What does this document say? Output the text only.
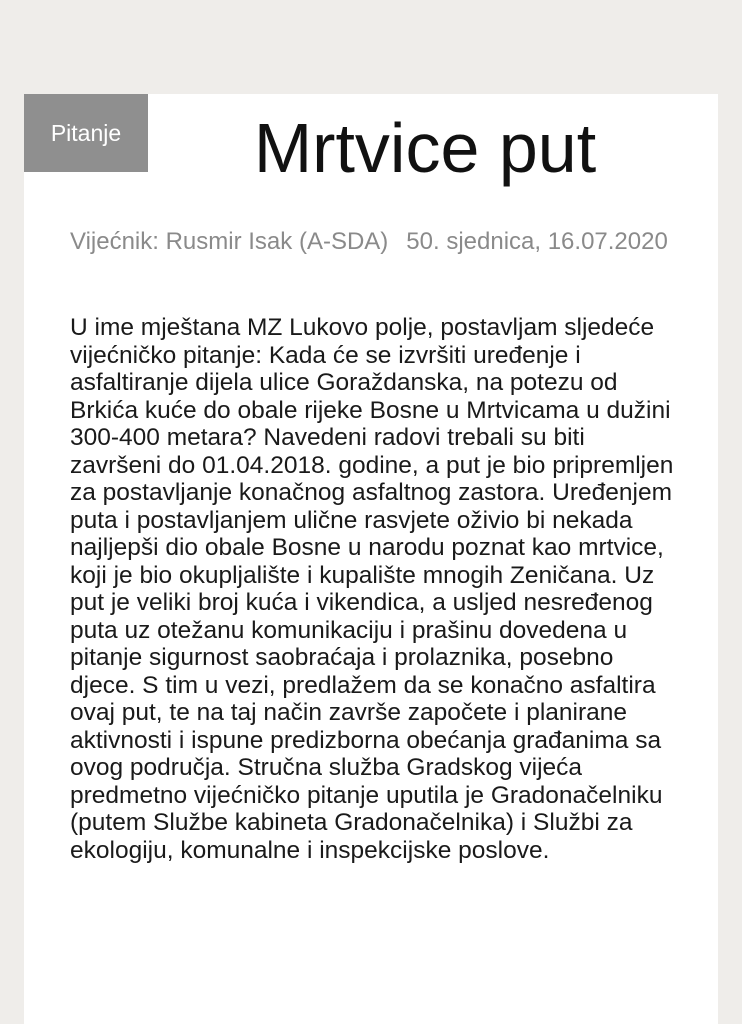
Pitanje	Mrtvice put
Vijećnik: Rusmir Isak (A-SDA) 50. sjednica, 16.07.2020

U ime mještana MZ Lukovo polje, postavljam sljedeće vijećničko pitanje: Kada će se izvršiti uređenje i asfaltiranje dijela ulice Goraždanska, na potezu od Brkića kuće do obale rijeke Bosne u Mrtvicama u dužini 300-400 metara? Navedeni radovi trebali su biti završeni do 01.04.2018. godine, a put je bio pripremljen za postavljanje konačnog asfaltnog zastora. Uređenjem puta i postavljanjem ulične rasvjete oživio bi nekada najljepši dio obale Bosne u narodu poznat kao mrtvice, koji je bio okupljalište i kupalište mnogih Zeničana. Uz put je veliki broj kuća i vikendica, a usljed nesređenog puta uz otežanu komunikaciju i prašinu dovedena u pitanje sigurnost saobraćaja i prolaznika, posebno djece. S tim u vezi, predlažem da se konačno asfaltira ovaj put, te na taj način završe započete i planirane aktivnosti i ispune predizborna obećanja građanima sa ovog područja. Stručna služba Gradskog vijeća predmetno vijećničko pitanje uputila je Gradonačelniku (putem Službe kabineta Gradonačelnika) i Službi za ekologiju, komunalne i inspekcijske poslove.
